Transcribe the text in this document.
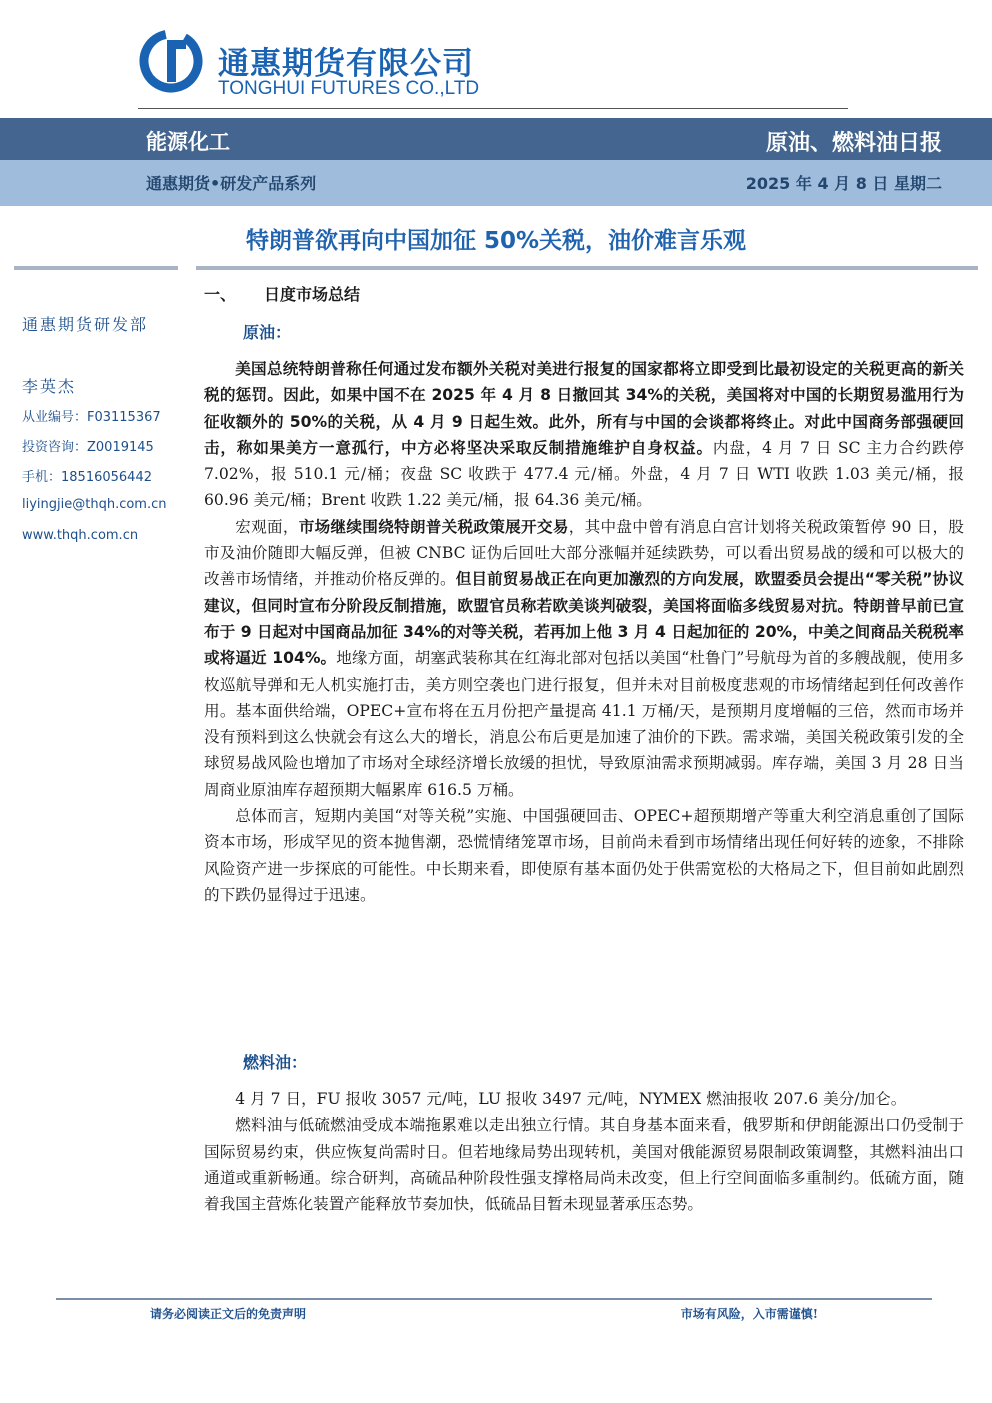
通惠期货有限公司
TONGHUI FUTURES CO.,LTD
能源化工	原油、燃料油日报
通惠期货•研发产品系列	2025 年 4 月 8 日 星期二
特朗普欲再向中国加征 50%关税，油价难言乐观
通惠期货研发部
李英杰
从业编号：F03115367
投资咨询：Z0019145
手机：18516056442
liyingjie@thqh.com.cn
www.thqh.com.cn
一、 日度市场总结
原油：

美国总统特朗普称任何通过发布额外关税对美进行报复的国家都将立即受到比最初设定的关税更高的新关税的惩罚。因此，如果中国不在 2025 年 4 月 8 日撤回其 34%的关税，美国将对中国的长期贸易滥用行为征收额外的 50%的关税，从 4 月 9 日起生效。此外，所有与中国的会谈都将终止。对此中国商务部强硬回击，称如果美方一意孤行，中方必将坚决采取反制措施维护自身权益。内盘，4 月 7 日 SC 主力合约跌停 7.02%，报 510.1 元/桶；夜盘 SC 收跌于 477.4 元/桶。外盘，4 月 7 日 WTI 收跌 1.03 美元/桶，报 60.96 美元/桶；Brent 收跌 1.22 美元/桶，报 64.36 美元/桶。

宏观面，市场继续围绕特朗普关税政策展开交易，其中盘中曾有消息白宫计划将关税政策暂停 90 日，股市及油价随即大幅反弹，但被 CNBC 证伪后回吐大部分涨幅并延续跌势，可以看出贸易战的缓和可以极大的改善市场情绪，并推动价格反弹的。但目前贸易战正在向更加激烈的方向发展，欧盟委员会提出“零关税”协议建议，但同时宣布分阶段反制措施，欧盟官员称若欧美谈判破裂，美国将面临多线贸易对抗。特朗普早前已宣布于 9 日起对中国商品加征 34%的对等关税，若再加上他 3 月 4 日起加征的 20%，中美之间商品关税税率或将逼近 104%。地缘方面，胡塞武装称其在红海北部对包括以美国“杜鲁门”号航母为首的多艘战舰，使用多枚巡航导弹和无人机实施打击，美方则空袭也门进行报复，但并未对目前极度悲观的市场情绪起到任何改善作用。基本面供给端，OPEC+宣布将在五月份把产量提高 41.1 万桶/天，是预期月度增幅的三倍，然而市场并没有预料到这么快就会有这么大的增长，消息公布后更是加速了油价的下跌。需求端，美国关税政策引发的全球贸易战风险也增加了市场对全球经济增长放缓的担忧，导致原油需求预期减弱。库存端，美国 3 月 28 日当周商业原油库存超预期大幅累库 616.5 万桶。

总体而言，短期内美国“对等关税”实施、中国强硬回击、OPEC+超预期增产等重大利空消息重创了国际资本市场，形成罕见的资本抛售潮，恐慌情绪笼罩市场，目前尚未看到市场情绪出现任何好转的迹象，不排除风险资产进一步探底的可能性。中长期来看，即使原有基本面仍处于供需宽松的大格局之下，但目前如此剧烈的下跌仍显得过于迅速。

燃料油：

4 月 7 日，FU 报收 3057 元/吨，LU 报收 3497 元/吨，NYMEX 燃油报收 207.6 美分/加仑。

燃料油与低硫燃油受成本端拖累难以走出独立行情。其自身基本面来看，俄罗斯和伊朗能源出口仍受制于国际贸易约束，供应恢复尚需时日。但若地缘局势出现转机，美国对俄能源贸易限制政策调整，其燃料油出口通道或重新畅通。综合研判，高硫品种阶段性强支撑格局尚未改变，但上行空间面临多重制约。低硫方面，随着我国主营炼化装置产能释放节奏加快，低硫品目暂未现显著承压态势。

请务必阅读正文后的免责声明	市场有风险，入市需谨慎!
